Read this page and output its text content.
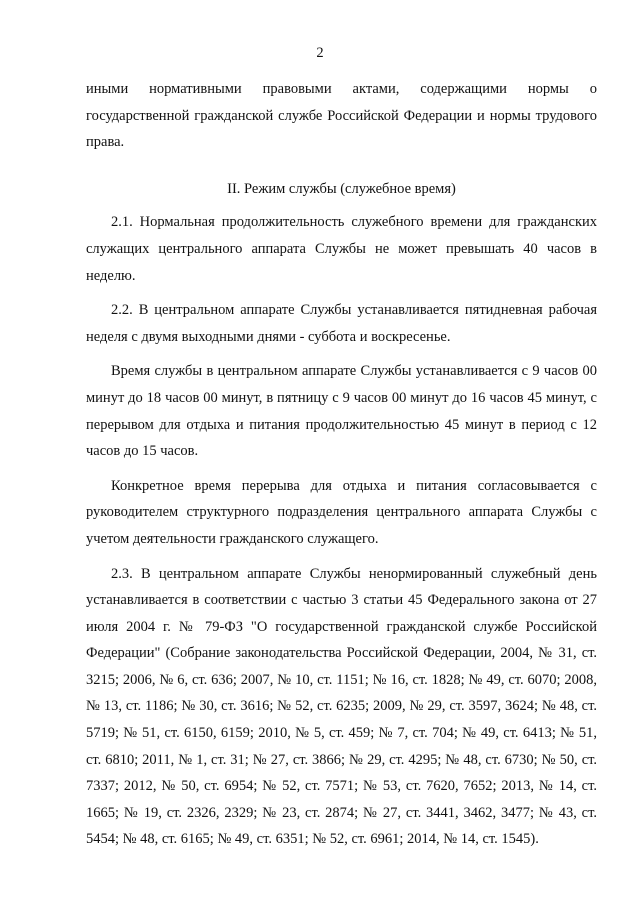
2

иными нормативными правовыми актами, содержащими нормы о государственной гражданской службе Российской Федерации и нормы трудового права.

II. Режим службы (служебное время)

2.1. Нормальная продолжительность служебного времени для гражданских служащих центрального аппарата Службы не может превышать 40 часов в неделю.

2.2. В центральном аппарате Службы устанавливается пятидневная рабочая неделя с двумя выходными днями - суббота и воскресенье.

Время службы в центральном аппарате Службы устанавливается с 9 часов 00 минут до 18 часов 00 минут, в пятницу с 9 часов 00 минут до 16 часов 45 минут, с перерывом для отдыха и питания продолжительностью 45 минут в период с 12 часов до 15 часов.

Конкретное время перерыва для отдыха и питания согласовывается с руководителем структурного подразделения центрального аппарата Службы с учетом деятельности гражданского служащего.

2.3. В центральном аппарате Службы ненормированный служебный день устанавливается в соответствии с частью 3 статьи 45 Федерального закона от 27 июля 2004 г. № 79-ФЗ "О государственной гражданской службе Российской Федерации" (Собрание законодательства Российской Федерации, 2004, № 31, ст. 3215; 2006, № 6, ст. 636; 2007, № 10, ст. 1151; № 16, ст. 1828; № 49, ст. 6070; 2008, № 13, ст. 1186; № 30, ст. 3616; № 52, ст. 6235; 2009, № 29, ст. 3597, 3624; № 48, ст. 5719; № 51, ст. 6150, 6159; 2010, № 5, ст. 459; № 7, ст. 704; № 49, ст. 6413; № 51, ст. 6810; 2011, № 1, ст. 31; № 27, ст. 3866; № 29, ст. 4295; № 48, ст. 6730; № 50, ст. 7337; 2012, № 50, ст. 6954; № 52, ст. 7571; № 53, ст. 7620, 7652; 2013, № 14, ст. 1665; № 19, ст. 2326, 2329; № 23, ст. 2874; № 27, ст. 3441, 3462, 3477; № 43, ст. 5454; № 48, ст. 6165; № 49, ст. 6351; № 52, ст. 6961; 2014, № 14, ст. 1545).
